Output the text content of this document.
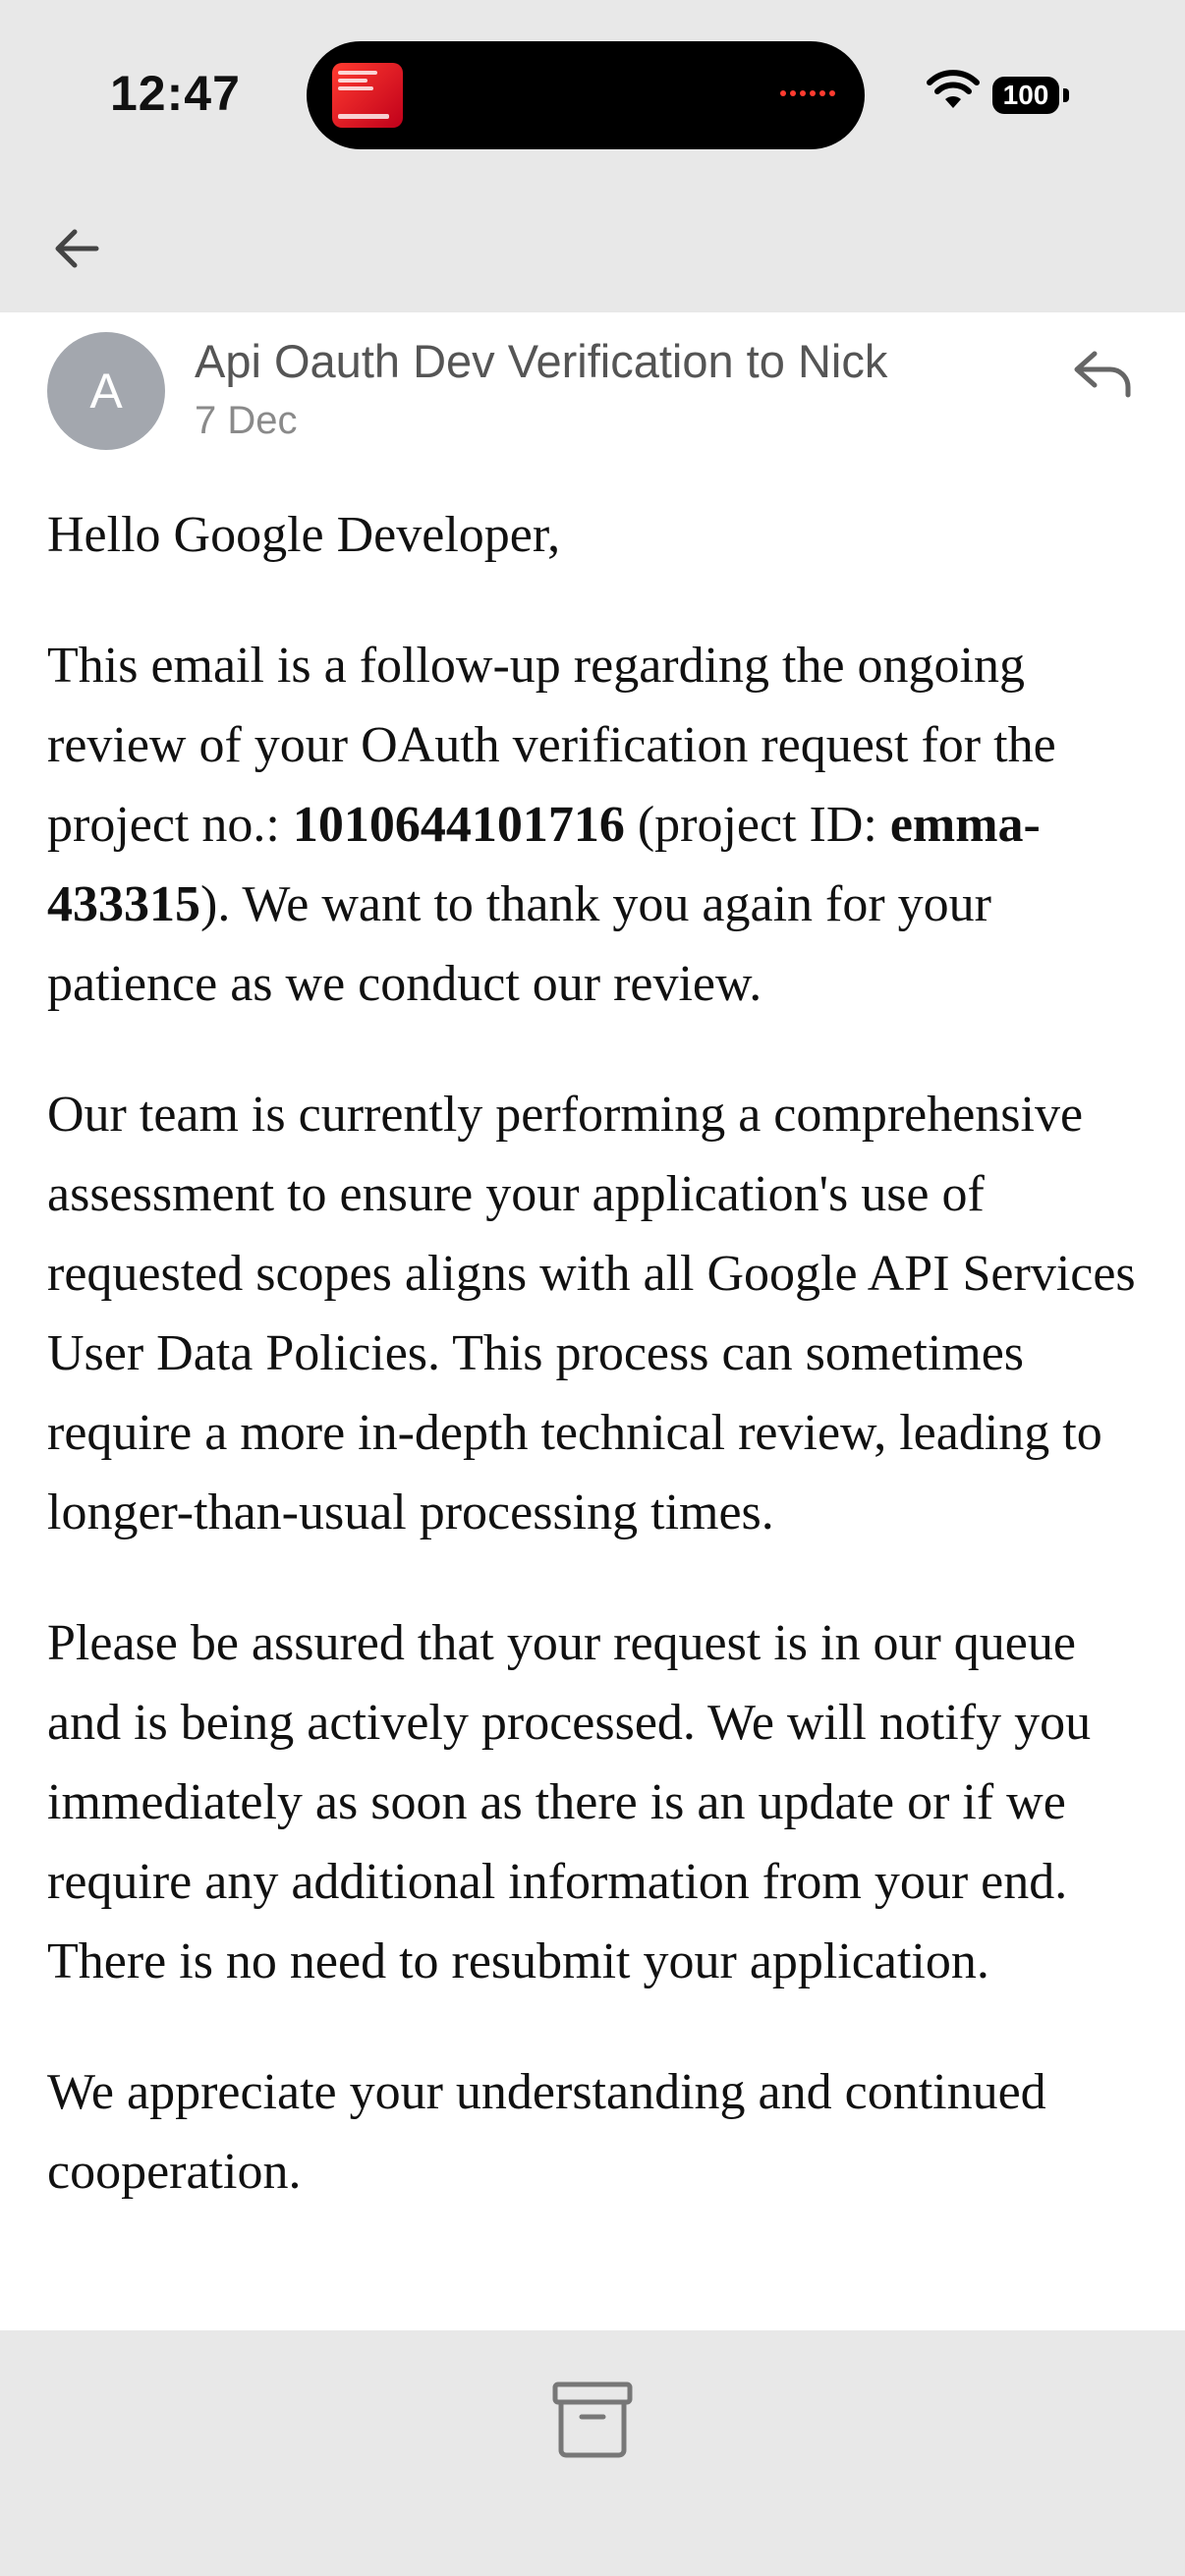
12:47	100
A
Api Oauth Dev Verification to Nick
7 Dec

Hello Google Developer,

This email is a follow-up regarding the ongoing review of your OAuth verification request for the project no.: 1010644101716 (project ID: emma-433315). We want to thank you again for your patience as we conduct our review.

Our team is currently performing a comprehensive assessment to ensure your application's use of requested scopes aligns with all Google API Services User Data Policies. This process can sometimes require a more in-depth technical review, leading to longer-than-usual processing times.

Please be assured that your request is in our queue and is being actively processed. We will notify you immediately as soon as there is an update or if we require any additional information from your end. There is no need to resubmit your application.

We appreciate your understanding and continued cooperation.
